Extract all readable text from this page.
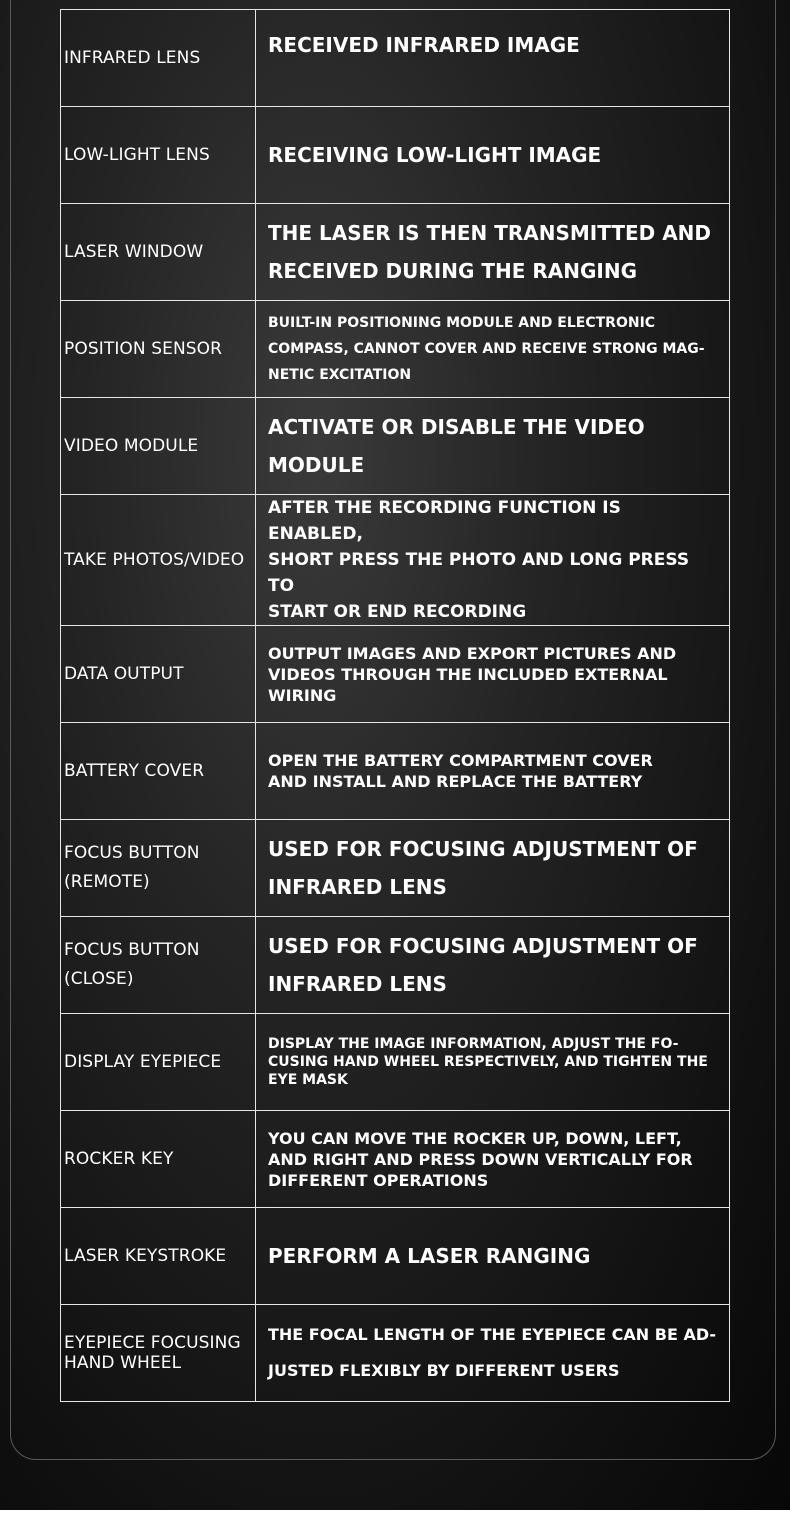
INFRARED LENS	RECEIVED INFRARED IMAGE
LOW-LIGHT LENS	RECEIVING LOW-LIGHT IMAGE
LASER WINDOW	THE LASER IS THEN TRANSMITTED AND
RECEIVED DURING THE RANGING
POSITION SENSOR	BUILT-IN POSITIONING MODULE AND ELECTRONIC
COMPASS, CANNOT COVER AND RECEIVE STRONG MAG-
NETIC EXCITATION
VIDEO MODULE	ACTIVATE OR DISABLE THE VIDEO
MODULE
TAKE PHOTOS/VIDEO	AFTER THE RECORDING FUNCTION IS ENABLED,
SHORT PRESS THE PHOTO AND LONG PRESS TO
START OR END RECORDING
DATA OUTPUT	OUTPUT IMAGES AND EXPORT PICTURES AND
VIDEOS THROUGH THE INCLUDED EXTERNAL
WIRING
BATTERY COVER	OPEN THE BATTERY COMPARTMENT COVER
AND INSTALL AND REPLACE THE BATTERY
FOCUS BUTTON
(REMOTE)	USED FOR FOCUSING ADJUSTMENT OF
INFRARED LENS
FOCUS BUTTON
(CLOSE)	USED FOR FOCUSING ADJUSTMENT OF
INFRARED LENS
DISPLAY EYEPIECE	DISPLAY THE IMAGE INFORMATION, ADJUST THE FO-
CUSING HAND WHEEL RESPECTIVELY, AND TIGHTEN THE
EYE MASK
ROCKER KEY	YOU CAN MOVE THE ROCKER UP, DOWN, LEFT,
AND RIGHT AND PRESS DOWN VERTICALLY FOR
DIFFERENT OPERATIONS
LASER KEYSTROKE	PERFORM A LASER RANGING
EYEPIECE FOCUSING
HAND WHEEL	THE FOCAL LENGTH OF THE EYEPIECE CAN BE AD-
JUSTED FLEXIBLY BY DIFFERENT USERS
